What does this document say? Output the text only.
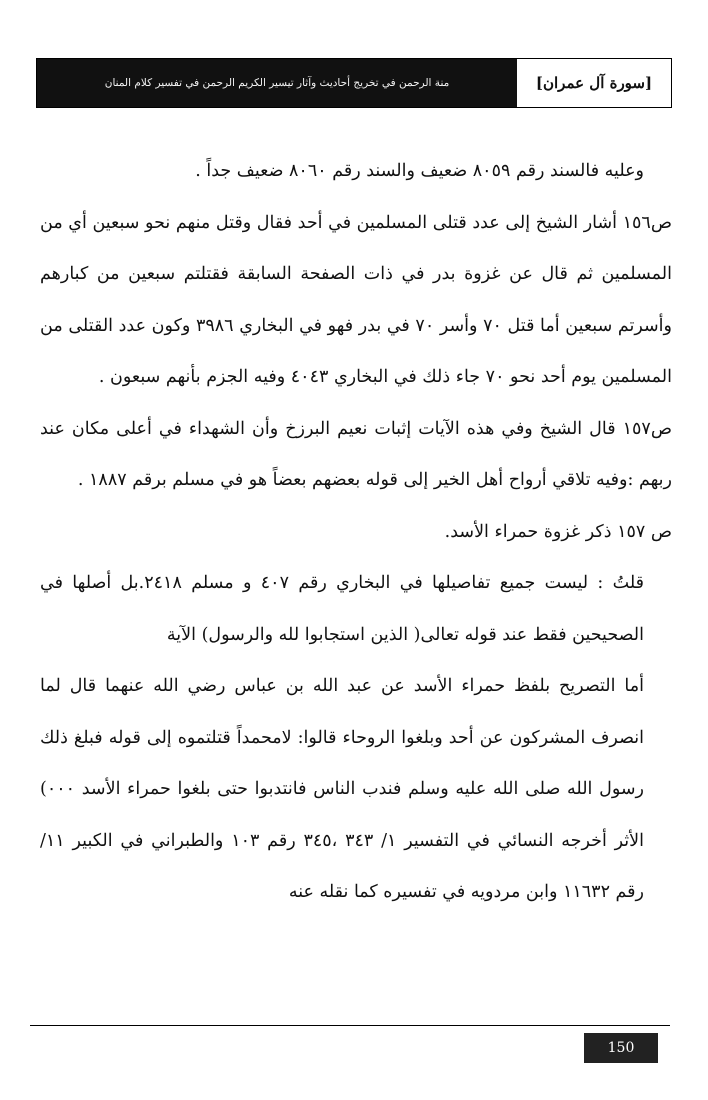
[سورة آل عمران]
منة الرحمن في تخريج أحاديث وآثار تيسير الكريم الرحمن في تفسير كلام المنان

وعليه فالسند رقم ٨٠٥٩ ضعيف والسند رقم ٨٠٦٠ ضعيف جداً .

ص١٥٦ أشار الشيخ إلى عدد قتلى المسلمين في أحد فقال وقتل منهم نحو سبعين أي من المسلمين ثم قال عن غزوة بدر في ذات الصفحة السابقة فقتلتم سبعين من كبارهم وأسرتم سبعين أما قتل ٧٠ وأسر ٧٠ في بدر فهو في البخاري ٣٩٨٦ وكون عدد القتلى من المسلمين يوم أحد نحو ٧٠ جاء ذلك في البخاري ٤٠٤٣ وفيه الجزم بأنهم سبعون .

ص١٥٧ قال الشيخ وفي هذه الآيات إثبات نعيم البرزخ وأن الشهداء في أعلى مكان عند ربهم :وفيه تلاقي أرواح أهل الخير إلى قوله بعضهم بعضاً هو في مسلم برقم ١٨٨٧ .

ص ١٥٧ ذكر غزوة حمراء الأسد.

قلتُ : ليست جميع تفاصيلها في البخاري رقم ٤٠٧ و مسلم ٢٤١٨.بل أصلها في الصحيحين فقط عند قوله تعالى( الذين استجابوا لله والرسول) الآية

أما التصريح بلفظ حمراء الأسد عن عبد الله بن عباس رضي الله عنهما قال لما انصرف المشركون عن أحد وبلغوا الروحاء قالوا: لامحمداً قتلتموه إلى قوله فبلغ ذلك رسول الله صلى الله عليه وسلم فندب الناس فانتدبوا حتى بلغوا حمراء الأسد ٠٠٠) الأثر أخرجه النسائي في التفسير ١/ ٣٤٣ ،٣٤٥ رقم ١٠٣ والطبراني في الكبير ١١/ رقم ١١٦٣٢ وابن مردويه في تفسيره كما نقله عنه

150
